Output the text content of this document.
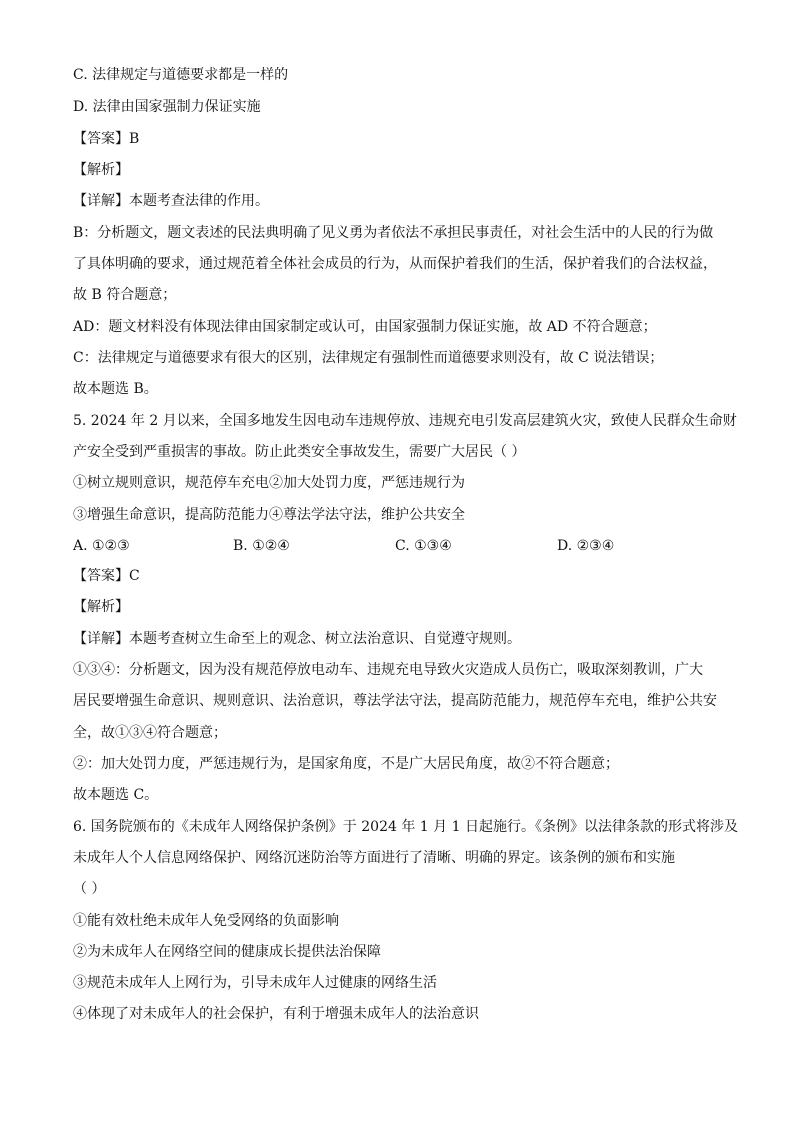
C. 法律规定与道德要求都是一样的
D. 法律由国家强制力保证实施
【答案】B
【解析】
【详解】本题考查法律的作用。
B：分析题文，题文表述的民法典明确了见义勇为者依法不承担民事责任，对社会生活中的人民的行为做
了具体明确的要求，通过规范着全体社会成员的行为，从而保护着我们的生活，保护着我们的合法权益，
故 B 符合题意；
AD：题文材料没有体现法律由国家制定或认可，由国家强制力保证实施，故 AD 不符合题意；
C：法律规定与道德要求有很大的区别，法律规定有强制性而道德要求则没有，故 C 说法错误；
故本题选 B。
5. 2024 年 2 月以来，全国多地发生因电动车违规停放、违规充电引发高层建筑火灾，致使人民群众生命财
产安全受到严重损害的事故。防止此类安全事故发生，需要广大居民（ ）
①树立规则意识，规范停车充电②加大处罚力度，严惩违规行为
③增强生命意识，提高防范能力④尊法学法守法，维护公共安全
A. ①②③	B. ①②④	C. ①③④	D. ②③④
【答案】C
【解析】
【详解】本题考查树立生命至上的观念、树立法治意识、自觉遵守规则。
①③④：分析题文，因为没有规范停放电动车、违规充电导致火灾造成人员伤亡，吸取深刻教训，广大
居民要增强生命意识、规则意识、法治意识，尊法学法守法，提高防范能力，规范停车充电，维护公共安
全，故①③④符合题意；
②：加大处罚力度，严惩违规行为，是国家角度，不是广大居民角度，故②不符合题意；
故本题选 C。
6. 国务院颁布的《未成年人网络保护条例》于 2024 年 1 月 1 日起施行。《条例》以法律条款的形式将涉及
未成年人个人信息网络保护、网络沉迷防治等方面进行了清晰、明确的界定。该条例的颁布和实施
（ ）
①能有效杜绝未成年人免受网络的负面影响
②为未成年人在网络空间的健康成长提供法治保障
③规范未成年人上网行为，引导未成年人过健康的网络生活
④体现了对未成年人的社会保护，有利于增强未成年人的法治意识
